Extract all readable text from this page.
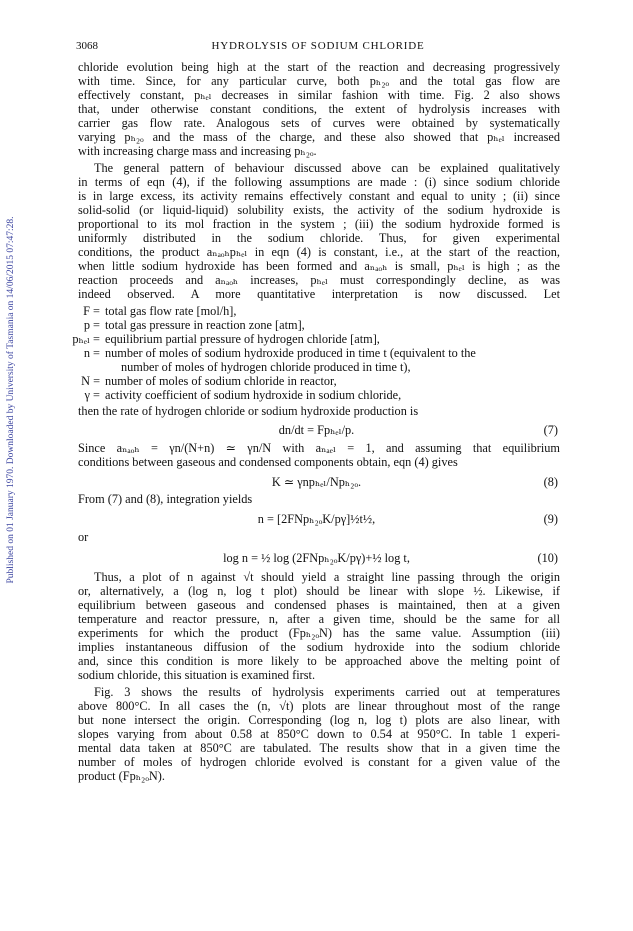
3068	HYDROLYSIS OF SODIUM CHLORIDE
Published on 01 January 1970. Downloaded by University of Tasmania on 14/06/2015 07:47:28.
chloride evolution being high at the start of the reaction and decreasing progressively
with time. Since, for any particular curve, both pₕ₂ₒ and the total gas flow are
effectively constant, pₕₑₗ decreases in similar fashion with time. Fig. 2 also shows
that, under otherwise constant conditions, the extent of hydrolysis increases with
carrier gas flow rate. Analogous sets of curves were obtained by systematically
varying pₕ₂ₒ and the mass of the charge, and these also showed that pₕₑₗ increased
with increasing charge mass and increasing pₕ₂ₒ.
The general pattern of behaviour discussed above can be explained qualitatively
in terms of eqn (4), if the following assumptions are made : (i) since sodium chloride
is in large excess, its activity remains effectively constant and equal to unity ; (ii) since
solid-solid (or liquid-liquid) solubility exists, the activity of the sodium hydroxide is
proportional to its mol fraction in the system ; (iii) the sodium hydroxide formed is
uniformly distributed in the sodium chloride. Thus, for given experimental
conditions, the product aₙₐₒₕpₕₑₗ in eqn (4) is constant, i.e., at the start of the reaction,
when little sodium hydroxide has been formed and aₙₐₒₕ is small, pₕₑₗ is high ; as the
reaction proceeds and aₙₐₒₕ increases, pₕₑₗ must correspondingly decline, as was
indeed observed. A more quantitative interpretation is now discussed. Let
F = total gas flow rate [mol/h],
p = total gas pressure in reaction zone [atm],
pₕₑₗ = equilibrium partial pressure of hydrogen chloride [atm],
n = number of moles of sodium hydroxide produced in time t (equivalent to the
number of moles of hydrogen chloride produced in time t),
N = number of moles of sodium chloride in reactor,
γ = activity coefficient of sodium hydroxide in sodium chloride,
then the rate of hydrogen chloride or sodium hydroxide production is
dn/dt = Fpₕₑₗ/p.	(7)
Since aₙₐₒₕ = γn/(N+n) ≃ γn/N with aₙₐₑₗ = 1, and assuming that equilibrium
conditions between gaseous and condensed components obtain, eqn (4) gives
K ≃ γnpₕₑₗ/Npₕ₂ₒ.	(8)
From (7) and (8), integration yields
n = [2FNpₕ₂ₒK/pγ]½t½,	(9)
or
log n = ½ log (2FNpₕ₂ₒK/pγ)+½ log t,	(10)
Thus, a plot of n against √t should yield a straight line passing through the origin
or, alternatively, a (log n, log t plot) should be linear with slope ½. Likewise, if
equilibrium between gaseous and condensed phases is maintained, then at a given
temperature and reactor pressure, n, after a given time, should be the same for all
experiments for which the product (Fpₕ₂ₒN) has the same value. Assumption (iii)
implies instantaneous diffusion of the sodium hydroxide into the sodium chloride
and, since this condition is more likely to be approached above the melting point of
sodium chloride, this situation is examined first.
Fig. 3 shows the results of hydrolysis experiments carried out at temperatures
above 800°C. In all cases the (n, √t) plots are linear throughout most of the range
but none intersect the origin. Corresponding (log n, log t) plots are also linear, with
slopes varying from about 0.58 at 850°C down to 0.54 at 950°C. In table 1 experi-
mental data taken at 850°C are tabulated. The results show that in a given time the
number of moles of hydrogen chloride evolved is constant for a given value of the
product (Fpₕ₂ₒN).
